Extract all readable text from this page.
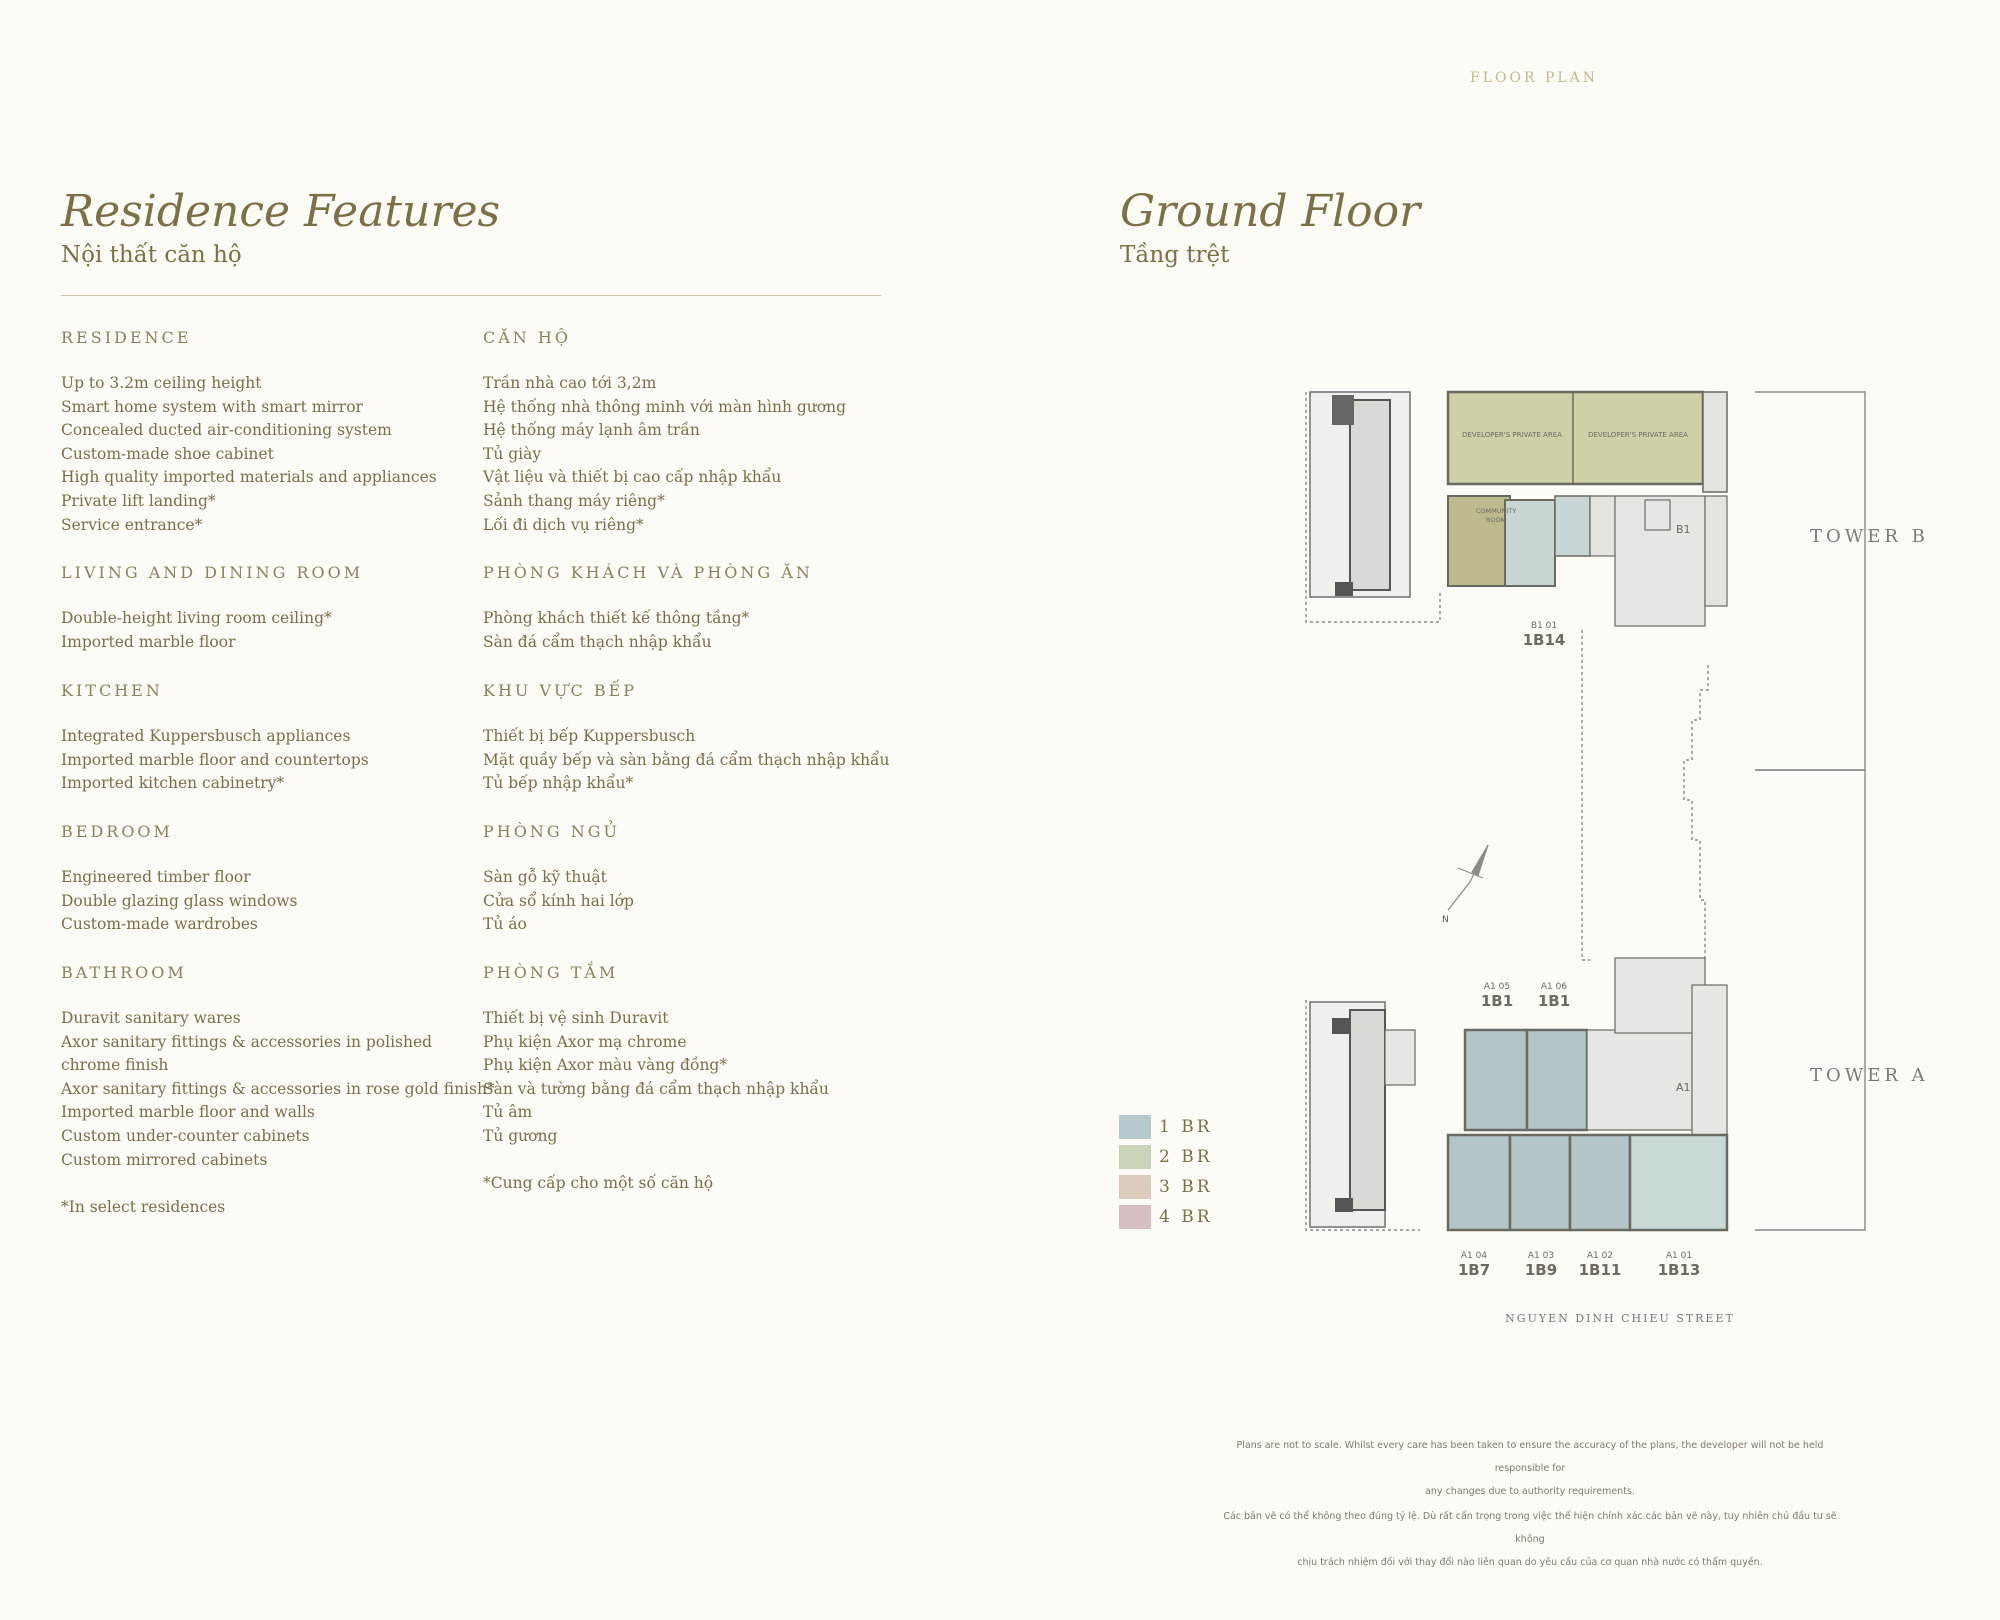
FLOOR PLAN
Residence Features
Nội thất căn hộ
RESIDENCE
Up to 3.2m ceiling height
Smart home system with smart mirror
Concealed ducted air-conditioning system
Custom-made shoe cabinet
High quality imported materials and appliances
Private lift landing*
Service entrance*
LIVING AND DINING ROOM
Double-height living room ceiling*
Imported marble floor
KITCHEN
Integrated Kuppersbusch appliances
Imported marble floor and countertops
Imported kitchen cabinetry*
BEDROOM
Engineered timber floor
Double glazing glass windows
Custom-made wardrobes
BATHROOM
Duravit sanitary wares
Axor sanitary fittings & accessories in polished
chrome finish
Axor sanitary fittings & accessories in rose gold finish*
Imported marble floor and walls
Custom under-counter cabinets
Custom mirrored cabinets
*In select residences
CĂN HỘ
Trần nhà cao tới 3,2m
Hệ thống nhà thông minh với màn hình gương
Hệ thống máy lạnh âm trần
Tủ giày
Vật liệu và thiết bị cao cấp nhập khẩu
Sảnh thang máy riêng*
Lối đi dịch vụ riêng*
PHÒNG KHÁCH VÀ PHÒNG ĂN
Phòng khách thiết kế thông tầng*
Sàn đá cẩm thạch nhập khẩu
KHU VỰC BẾP
Thiết bị bếp Kuppersbusch
Mặt quầy bếp và sàn bằng đá cẩm thạch nhập khẩu
Tủ bếp nhập khẩu*
PHÒNG NGỦ
Sàn gỗ kỹ thuật
Cửa sổ kính hai lớp
Tủ áo
PHÒNG TẮM
Thiết bị vệ sinh Duravit
Phụ kiện Axor mạ chrome
Phụ kiện Axor màu vàng đồng*
Sàn và tường bằng đá cẩm thạch nhập khẩu
Tủ âm
Tủ gương
*Cung cấp cho một số căn hộ
Ground Floor
Tầng trệt
DEVELOPER'S PRIVATE AREA	DEVELOPER'S PRIVATE AREA
COMMUNITY
ROOM
B1
A1
N
B1 01
1B14
A1 05
1B1
A1 06
1B1
A1 04
1B7
A1 03
1B9
A1 02
1B11
A1 01
1B13
TOWER B
TOWER A
1 BR
2 BR
3 BR
4 BR
NGUYEN DINH CHIEU STREET
Plans are not to scale. Whilst every care has been taken to ensure the accuracy of the plans, the developer will not be held responsible for
any changes due to authority requirements.
Các bản vẽ có thể không theo đúng tỷ lệ. Dù rất cẩn trọng trong việc thể hiện chính xác các bản vẽ này, tuy nhiên chủ đầu tư sẽ không
chịu trách nhiệm đối với thay đổi nào liên quan do yêu cầu của cơ quan nhà nước có thẩm quyền.
